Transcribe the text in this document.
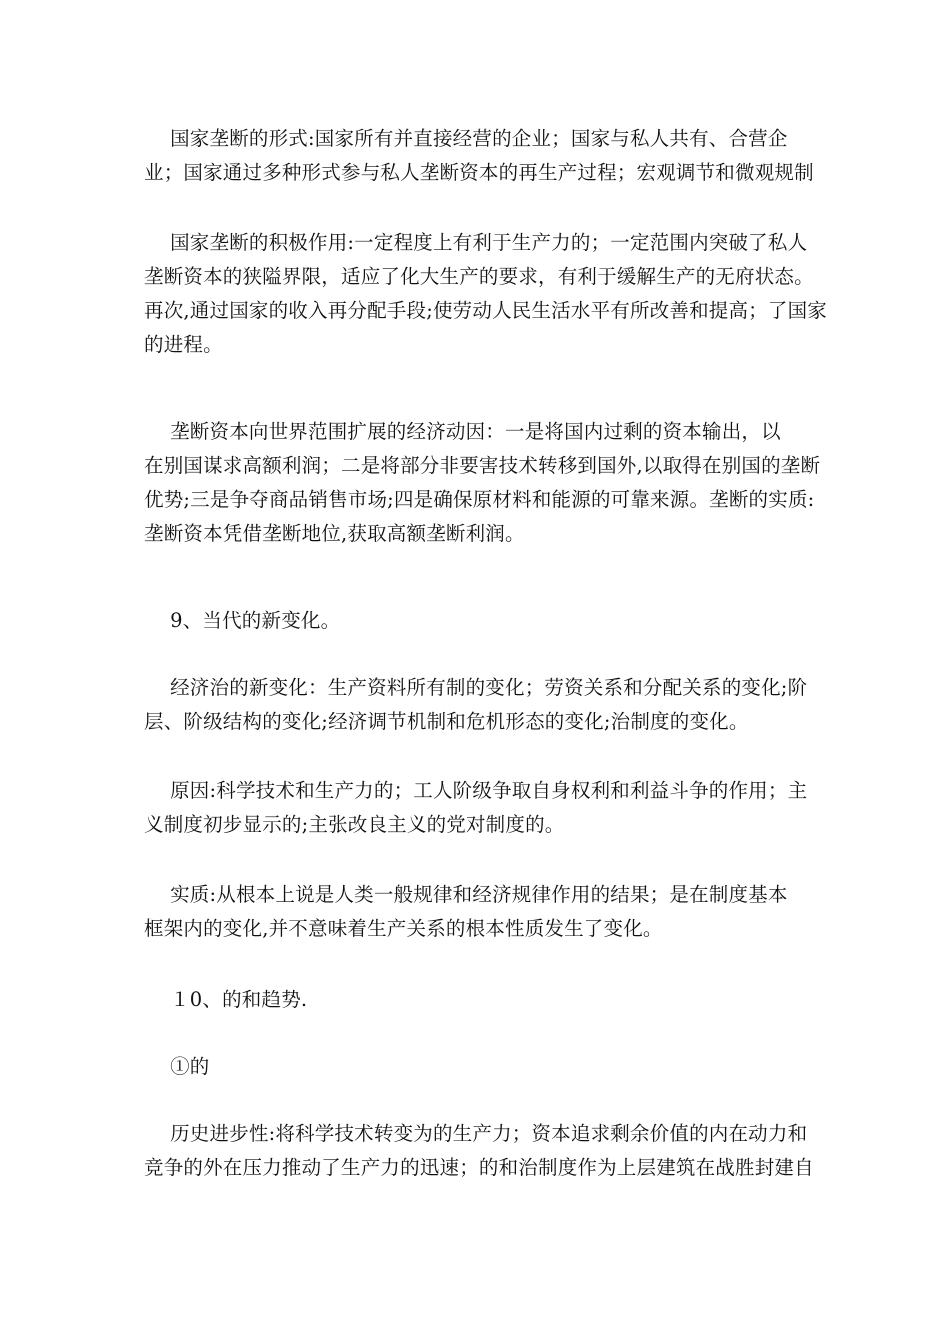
　 国家垄断的形式:国家所有并直接经营的企业；国家与私人共有、合营企
业；国家通过多种形式参与私人垄断资本的再生产过程；宏观调节和微观规制

　 国家垄断的积极作用:一定程度上有利于生产力的；一定范围内突破了私人
垄断资本的狭隘界限，适应了化大生产的要求，有利于缓解生产的无府状态。
再次,通过国家的收入再分配手段;使劳动人民生活水平有所改善和提高；了国家
的进程。

　 垄断资本向世界范围扩展的经济动因：一是将国内过剩的资本输出，以
在别国谋求高额利润；二是将部分非要害技术转移到国外,以取得在别国的垄断
优势;三是争夺商品销售市场;四是确保原材料和能源的可靠来源。垄断的实质:
垄断资本凭借垄断地位,获取高额垄断利润。

　 9、当代的新变化。

　 经济治的新变化：生产资料所有制的变化；劳资关系和分配关系的变化;阶
层、阶级结构的变化;经济调节机制和危机形态的变化;治制度的变化。

　 原因:科学技术和生产力的；工人阶级争取自身权利和利益斗争的作用；主
义制度初步显示的;主张改良主义的党对制度的。

　 实质:从根本上说是人类一般规律和经济规律作用的结果；是在制度基本
框架内的变化,并不意味着生产关系的根本性质发生了变化。

　 １0、的和趋势.

　 ①的

　 历史进步性:将科学技术转变为的生产力；资本追求剩余价值的内在动力和
竞争的外在压力推动了生产力的迅速；的和治制度作为上层建筑在战胜封建自
